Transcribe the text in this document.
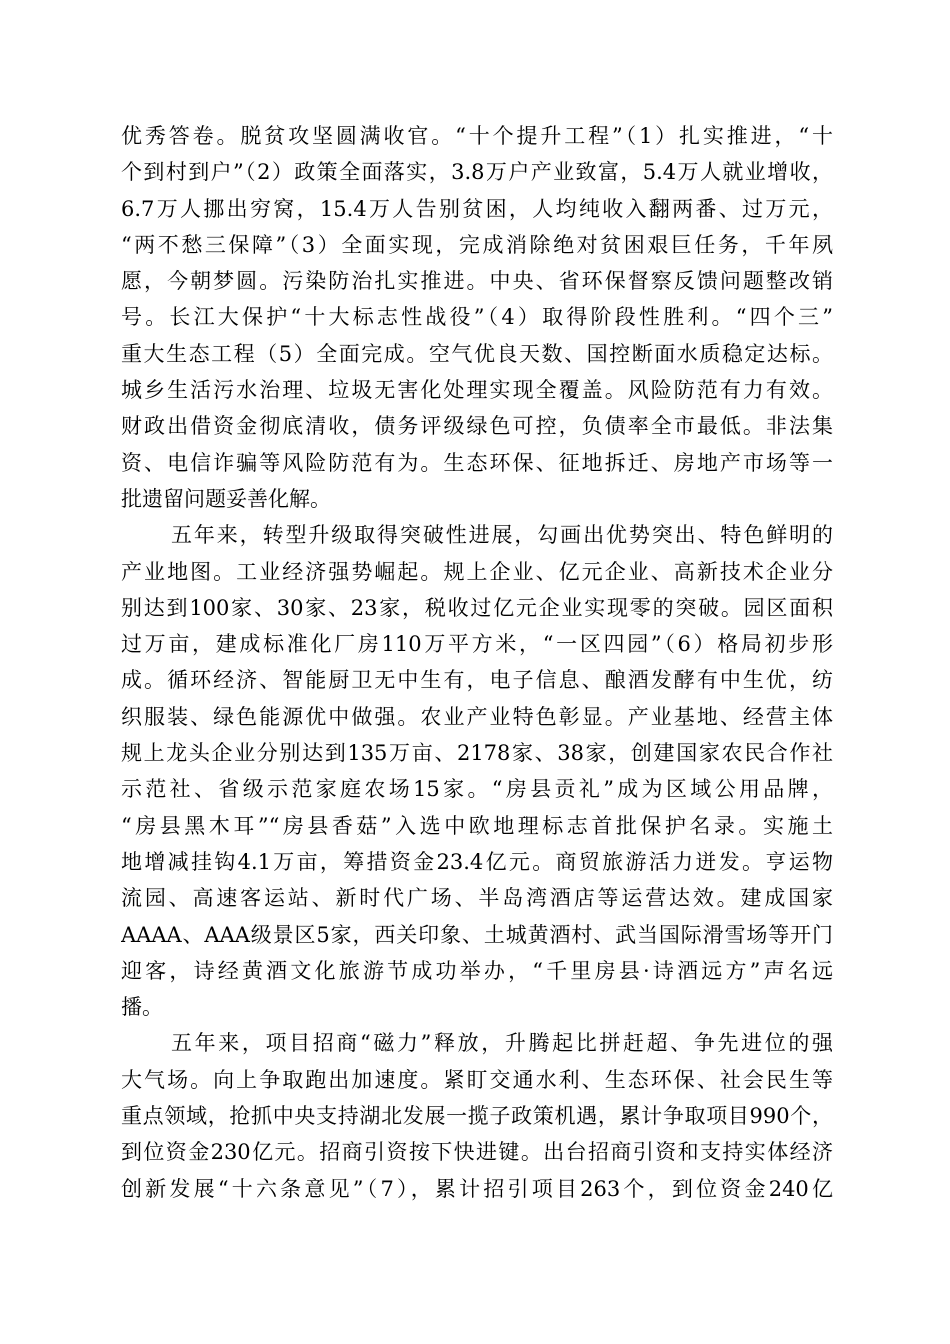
优秀答卷。脱贫攻坚圆满收官。“十个提升工程”（1）扎实推进，“十
个到村到户”（2）政策全面落实，3.8万户产业致富，5.4万人就业增收，
6.7万人挪出穷窝，15.4万人告别贫困，人均纯收入翻两番、过万元，
“两不愁三保障”（3）全面实现，完成消除绝对贫困艰巨任务，千年夙
愿，今朝梦圆。污染防治扎实推进。中央、省环保督察反馈问题整改销
号。长江大保护“十大标志性战役”（4）取得阶段性胜利。“四个三”
重大生态工程（5）全面完成。空气优良天数、国控断面水质稳定达标。
城乡生活污水治理、垃圾无害化处理实现全覆盖。风险防范有力有效。
财政出借资金彻底清收，债务评级绿色可控，负债率全市最低。非法集
资、电信诈骗等风险防范有为。生态环保、征地拆迁、房地产市场等一
批遗留问题妥善化解。
五年来，转型升级取得突破性进展，勾画出优势突出、特色鲜明的
产业地图。工业经济强势崛起。规上企业、亿元企业、高新技术企业分
别达到100家、30家、23家，税收过亿元企业实现零的突破。园区面积
过万亩，建成标准化厂房110万平方米，“一区四园”（6）格局初步形
成。循环经济、智能厨卫无中生有，电子信息、酿酒发酵有中生优，纺
织服装、绿色能源优中做强。农业产业特色彰显。产业基地、经营主体
规上龙头企业分别达到135万亩、2178家、38家，创建国家农民合作社
示范社、省级示范家庭农场15家。“房县贡礼”成为区域公用品牌，
“房县黑木耳”“房县香菇”入选中欧地理标志首批保护名录。实施土
地增减挂钩4.1万亩，筹措资金23.4亿元。商贸旅游活力迸发。亨运物
流园、高速客运站、新时代广场、半岛湾酒店等运营达效。建成国家
AAAA、AAA级景区5家，西关印象、土城黄酒村、武当国际滑雪场等开门
迎客，诗经黄酒文化旅游节成功举办，“千里房县·诗酒远方”声名远
播。
五年来，项目招商“磁力”释放，升腾起比拼赶超、争先进位的强
大气场。向上争取跑出加速度。紧盯交通水利、生态环保、社会民生等
重点领域，抢抓中央支持湖北发展一揽子政策机遇，累计争取项目990个，
到位资金230亿元。招商引资按下快进键。出台招商引资和支持实体经济
创新发展“十六条意见”（7），累计招引项目263个，到位资金240亿
